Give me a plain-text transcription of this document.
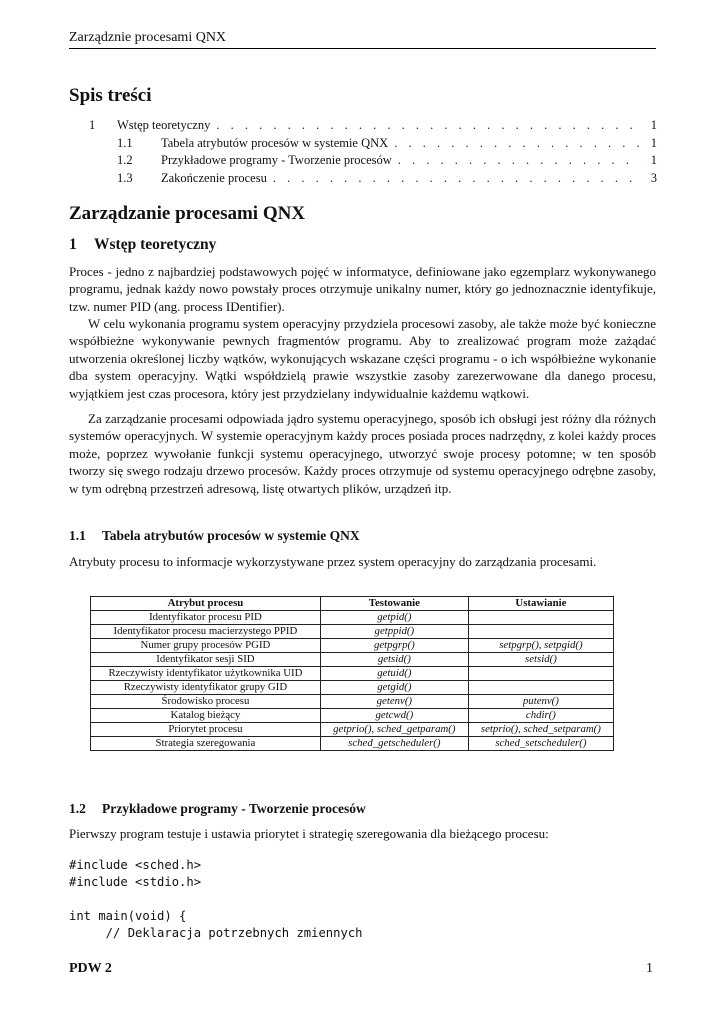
Zarządznie procesami QNX
Spis treści
1	Wstęp teoretyczny . . .	1
1.1	Tabela atrybutów procesów w systemie QNX . . .	1
1.2	Przykładowe programy - Tworzenie procesów . . .	1
1.3	Zakończenie procesu . . .	3
Zarządzanie procesami QNX
1 Wstęp teoretyczny

Proces - jedno z najbardziej podstawowych pojęć w informatyce, definiowane jako egzemplarz wykonywanego programu, jednak każdy nowo powstały proces otrzymuje unikalny numer, który go jednoznacznie identyfikuje, tzw. numer PID (ang. process IDentifier).

W celu wykonania programu system operacyjny przydziela procesowi zasoby, ale także może być konieczne współbieżne wykonywanie pewnych fragmentów programu. Aby to zrealizować program może zażądać utworzenia określonej liczby wątków, wykonujących wskazane części programu - o ich współbieżne wykonanie dba system operacyjny. Wątki współdzielą prawie wszystkie zasoby zarezerwowane dla danego procesu, wyjątkiem jest czas procesora, który jest przydzielany indywidualnie każdemu wątkowi.

Za zarządzanie procesami odpowiada jądro systemu operacyjnego, sposób ich obsługi jest różny dla różnych systemów operacyjnych. W systemie operacyjnym każdy proces posiada proces nadrzędny, z kolei każdy proces może, poprzez wywołanie funkcji systemu operacyjnego, utworzyć swoje procesy potomne; w ten sposób tworzy się swego rodzaju drzewo procesów. Każdy proces otrzymuje od systemu operacyjnego odrębne zasoby, w tym odrębną przestrzeń adresową, listę otwartych plików, urządzeń itp.

1.1 Tabela atrybutów procesów w systemie QNX

Atrybuty procesu to informacje wykorzystywane przez system operacyjny do zarządzania procesami.

Atrybut procesu	Testowanie	Ustawianie
Identyfikator procesu PID	getpid()	
Identyfikator procesu macierzystego PPID	getppid()	
Numer grupy procesów PGID	getpgrp()	setpgrp(), setpgid()
Identyfikator sesji SID	getsid()	setsid()
Rzeczywisty identyfikator użytkownika UID	getuid()	
Rzeczywisty identyfikator grupy GID	getgid()	
Środowisko procesu	getenv()	putenv()
Katalog bieżący	getcwd()	chdir()
Priorytet procesu	getprio(), sched_getparam()	setprio(), sched_setparam()
Strategia szeregowania	sched_getscheduler()	sched_setscheduler()
1.2 Przykładowe programy - Tworzenie procesów

Pierwszy program testuje i ustawia priorytet i strategię szeregowania dla bieżącego procesu:

#include <sched.h>
#include <stdio.h>
int main(void) {
// Deklaracja potrzebnych zmiennych
PDW 2	1
